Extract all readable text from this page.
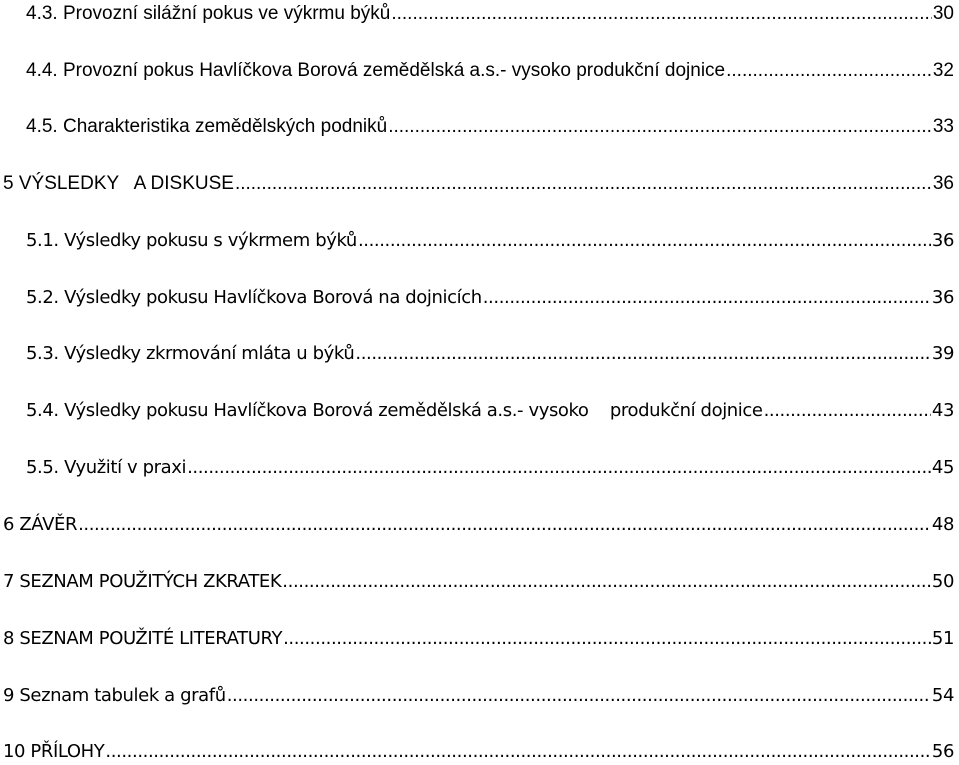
4.3. Provozní silážní pokus ve výkrmu býků .....	30
4.4. Provozní pokus Havlíčkova Borová zemědělská a.s.- vysoko produkční dojnice .....	32
4.5. Charakteristika zemědělských podniků .....	33
5 VÝSLEDKY   A DISKUSE .....	36
5.1. Výsledky pokusu s výkrmem býků .....	36
5.2. Výsledky pokusu Havlíčkova Borová na dojnicích .....	36
5.3. Výsledky zkrmování mláta u býků .....	39
5.4. Výsledky pokusu Havlíčkova Borová zemědělská a.s.- vysoko    produkční dojnice .....	43
5.5. Využití v praxi .....	45
6 ZÁVĚR .....	48
7 SEZNAM POUŽITÝCH ZKRATEK .....	50
8 SEZNAM POUŽITÉ LITERATURY .....	51
9 Seznam tabulek a grafů .....	54
10 PŘÍLOHY .....	56
